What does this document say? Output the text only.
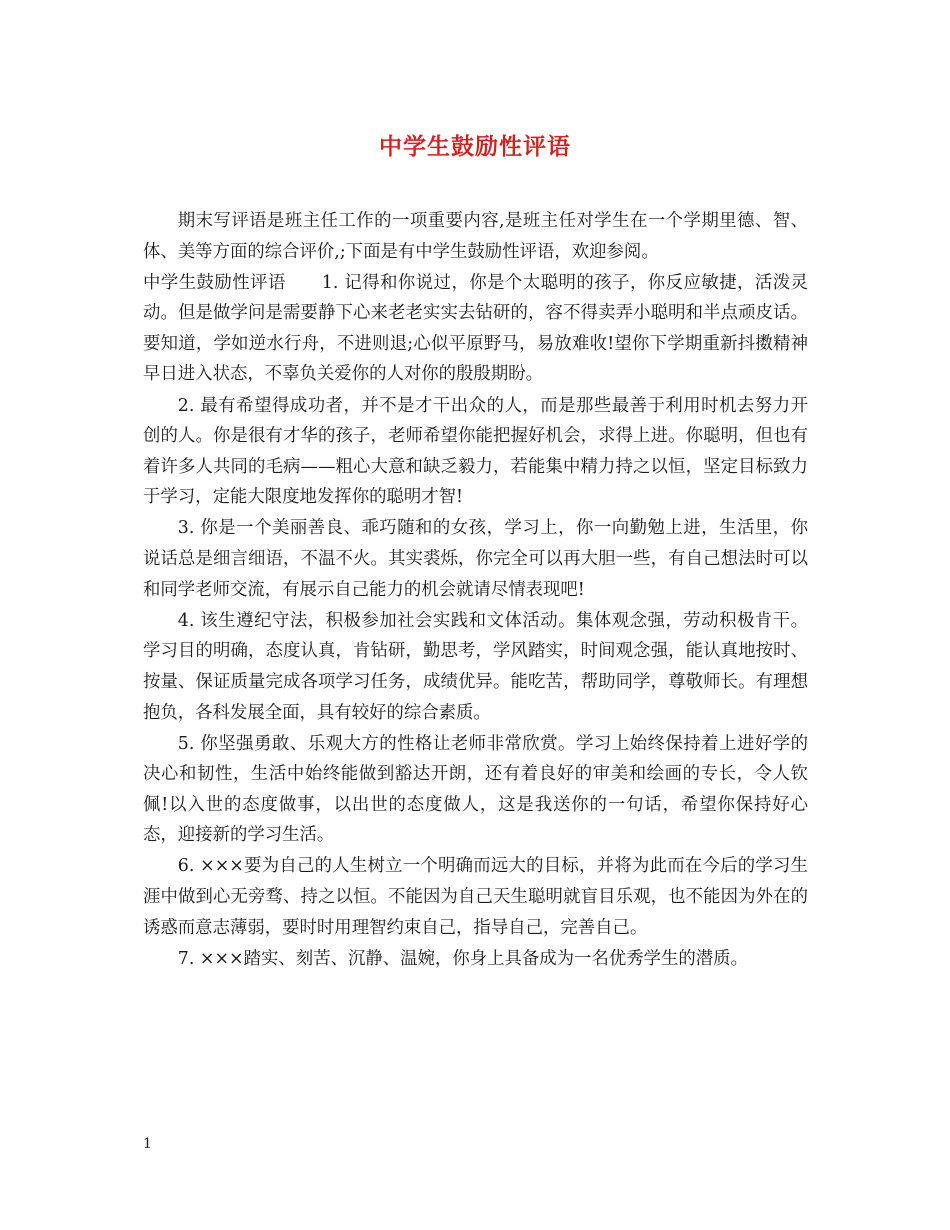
中学生鼓励性评语

期末写评语是班主任工作的一项重要内容,是班主任对学生在一个学期里德、智、体、美等方面的综合评价,;下面是有中学生鼓励性评语，欢迎参阅。

中学生鼓励性评语 1. 记得和你说过，你是个太聪明的孩子，你反应敏捷，活泼灵动。但是做学问是需要静下心来老老实实去钻研的，容不得卖弄小聪明和半点顽皮话。要知道，学如逆水行舟，不进则退;心似平原野马，易放难收!望你下学期重新抖擞精神早日进入状态，不辜负关爱你的人对你的殷殷期盼。

2. 最有希望得成功者，并不是才干出众的人，而是那些最善于利用时机去努力开创的人。你是很有才华的孩子，老师希望你能把握好机会，求得上进。你聪明，但也有着许多人共同的毛病——粗心大意和缺乏毅力，若能集中精力持之以恒，坚定目标致力于学习，定能大限度地发挥你的聪明才智!

3. 你是一个美丽善良、乖巧随和的女孩，学习上，你一向勤勉上进，生活里，你说话总是细言细语，不温不火。其实裘烁，你完全可以再大胆一些，有自己想法时可以和同学老师交流，有展示自己能力的机会就请尽情表现吧!

4. 该生遵纪守法，积极参加社会实践和文体活动。集体观念强，劳动积极肯干。学习目的明确，态度认真，肯钻研，勤思考，学风踏实，时间观念强，能认真地按时、按量、保证质量完成各项学习任务，成绩优异。能吃苦，帮助同学，尊敬师长。有理想抱负，各科发展全面，具有较好的综合素质。

5. 你坚强勇敢、乐观大方的性格让老师非常欣赏。学习上始终保持着上进好学的决心和韧性，生活中始终能做到豁达开朗，还有着良好的审美和绘画的专长，令人钦佩!以入世的态度做事，以出世的态度做人，这是我送你的一句话，希望你保持好心态，迎接新的学习生活。

6. ×××要为自己的人生树立一个明确而远大的目标，并将为此而在今后的学习生涯中做到心无旁骛、持之以恒。不能因为自己天生聪明就盲目乐观，也不能因为外在的诱惑而意志薄弱，要时时用理智约束自己，指导自己，完善自己。

7. ×××踏实、刻苦、沉静、温婉，你身上具备成为一名优秀学生的潜质。

1
